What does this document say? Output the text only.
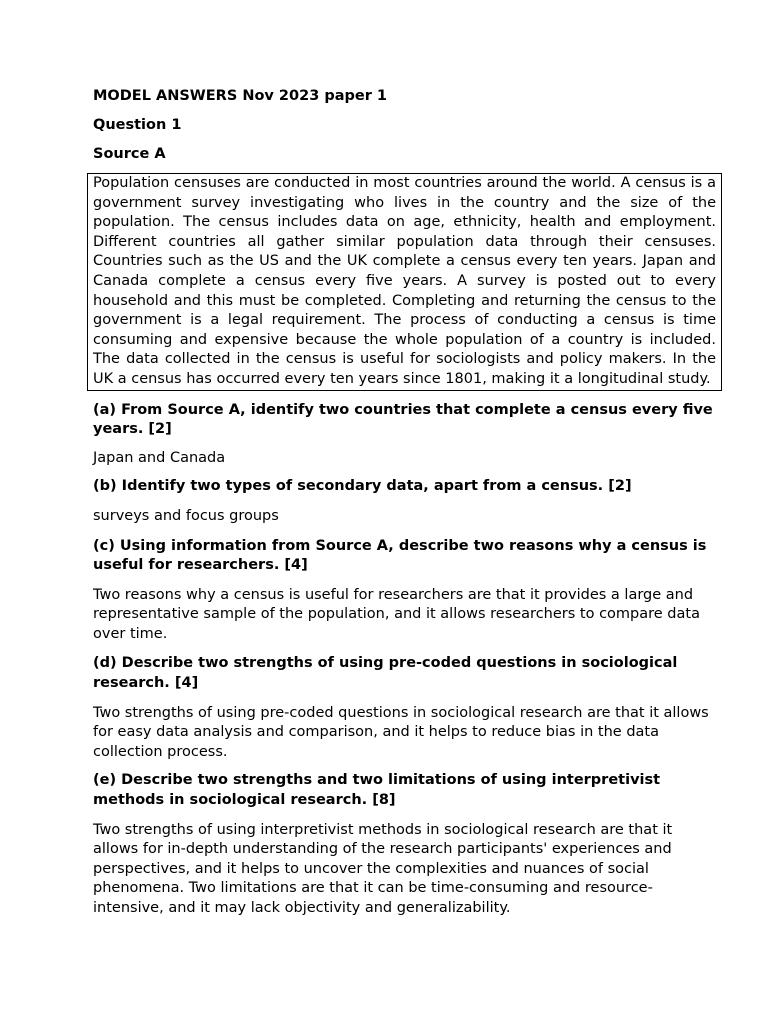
MODEL ANSWERS Nov 2023 paper 1

Question 1

Source A

Population censuses are conducted in most countries around the world. A census is a government survey investigating who lives in the country and the size of the population. The census includes data on age, ethnicity, health and employment. Different countries all gather similar population data through their censuses. Countries such as the US and the UK complete a census every ten years. Japan and Canada complete a census every five years. A survey is posted out to every household and this must be completed. Completing and returning the census to the government is a legal requirement. The process of conducting a census is time consuming and expensive because the whole population of a country is included. The data collected in the census is useful for sociologists and policy makers. In the UK a census has occurred every ten years since 1801, making it a longitudinal study.

(a) From Source A, identify two countries that complete a census every five years. [2]

Japan and Canada

(b) Identify two types of secondary data, apart from a census. [2]

surveys and focus groups

(c) Using information from Source A, describe two reasons why a census is useful for researchers. [4]

Two reasons why a census is useful for researchers are that it provides a large and representative sample of the population, and it allows researchers to compare data over time.

(d) Describe two strengths of using pre-coded questions in sociological research. [4]

Two strengths of using pre-coded questions in sociological research are that it allows for easy data analysis and comparison, and it helps to reduce bias in the data collection process.

(e) Describe two strengths and two limitations of using interpretivist methods in sociological research. [8]

Two strengths of using interpretivist methods in sociological research are that it allows for in-depth understanding of the research participants' experiences and perspectives, and it helps to uncover the complexities and nuances of social phenomena. Two limitations are that it can be time-consuming and resource-intensive, and it may lack objectivity and generalizability.
